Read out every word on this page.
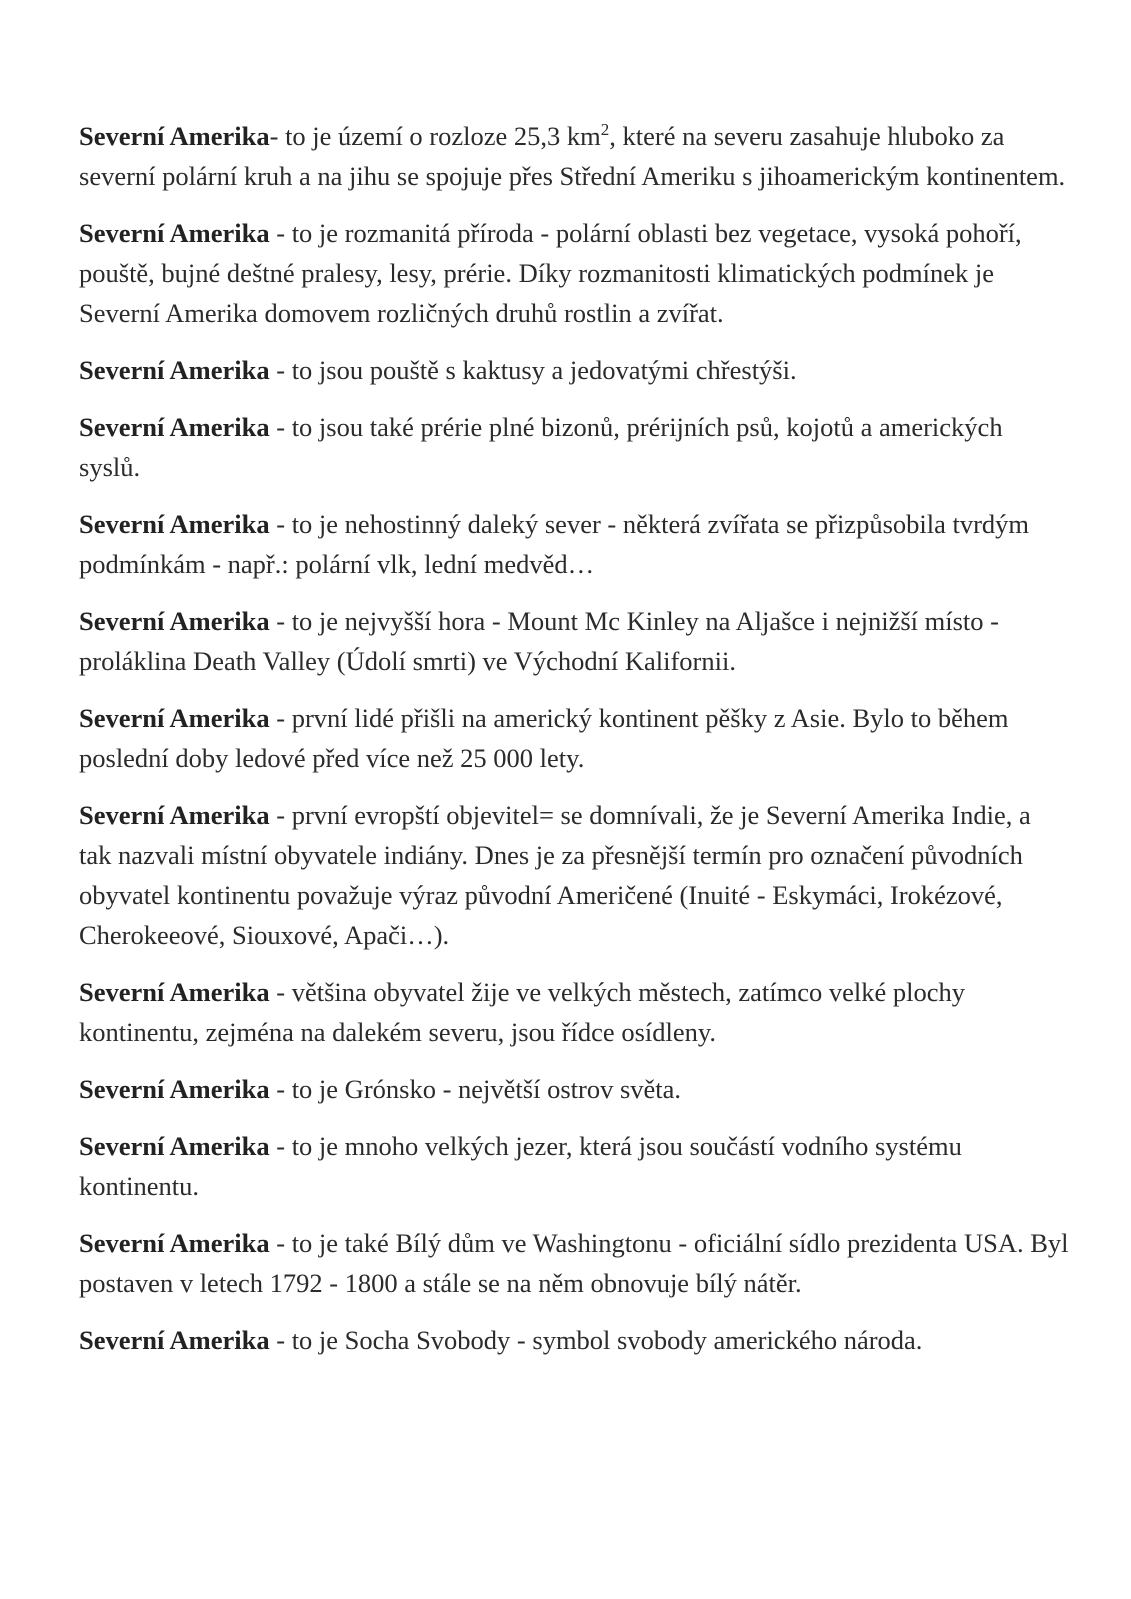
Severní Amerika- to je území o rozloze 25,3 $km^2$, které na severu zasahuje hluboko za severní polární kruh a na jihu se spojuje přes Střední Ameriku s jihoamerickým kontinentem.

Severní Amerika - to je rozmanitá příroda - polární oblasti bez vegetace, vysoká pohoří, pouště, bujné deštné pralesy, lesy, prérie. Díky rozmanitosti klimatických podmínek je Severní Amerika domovem rozličných druhů rostlin a zvířat.

Severní Amerika - to jsou pouště s kaktusy a jedovatými chřestýši.

Severní Amerika - to jsou také prérie plné bizonů, prérijních psů, kojotů a amerických syslů.

Severní Amerika - to je nehostinný daleký sever - některá zvířata se přizpůsobila tvrdým podmínkám - např.: polární vlk, lední medvěd…

Severní Amerika - to je nejvyšší hora - Mount Mc Kinley na Aljašce i nejnižší místo - proláklina Death Valley (Údolí smrti) ve Východní Kalifornii.

Severní Amerika - první lidé přišli na americký kontinent pěšky z Asie. Bylo to během poslední doby ledové před více než 25 000 lety.

Severní Amerika - první evropští objevitel= se domnívali, že je Severní Amerika Indie, a tak nazvali místní obyvatele indiány. Dnes je za přesnější termín pro označení původních obyvatel kontinentu považuje výraz původní Američené (Inuité - Eskymáci, Irokézové, Cherokeeové, Siouxové, Apači…).

Severní Amerika - většina obyvatel žije ve velkých městech, zatímco velké plochy kontinentu, zejména na dalekém severu, jsou řídce osídleny.

Severní Amerika - to je Grónsko - největší ostrov světa.

Severní Amerika - to je mnoho velkých jezer, která jsou součástí vodního systému kontinentu.

Severní Amerika - to je také Bílý dům ve Washingtonu - oficiální sídlo prezidenta USA. Byl postaven v letech 1792 - 1800 a stále se na něm obnovuje bílý nátěr.

Severní Amerika - to je Socha Svobody - symbol svobody amerického národa.
